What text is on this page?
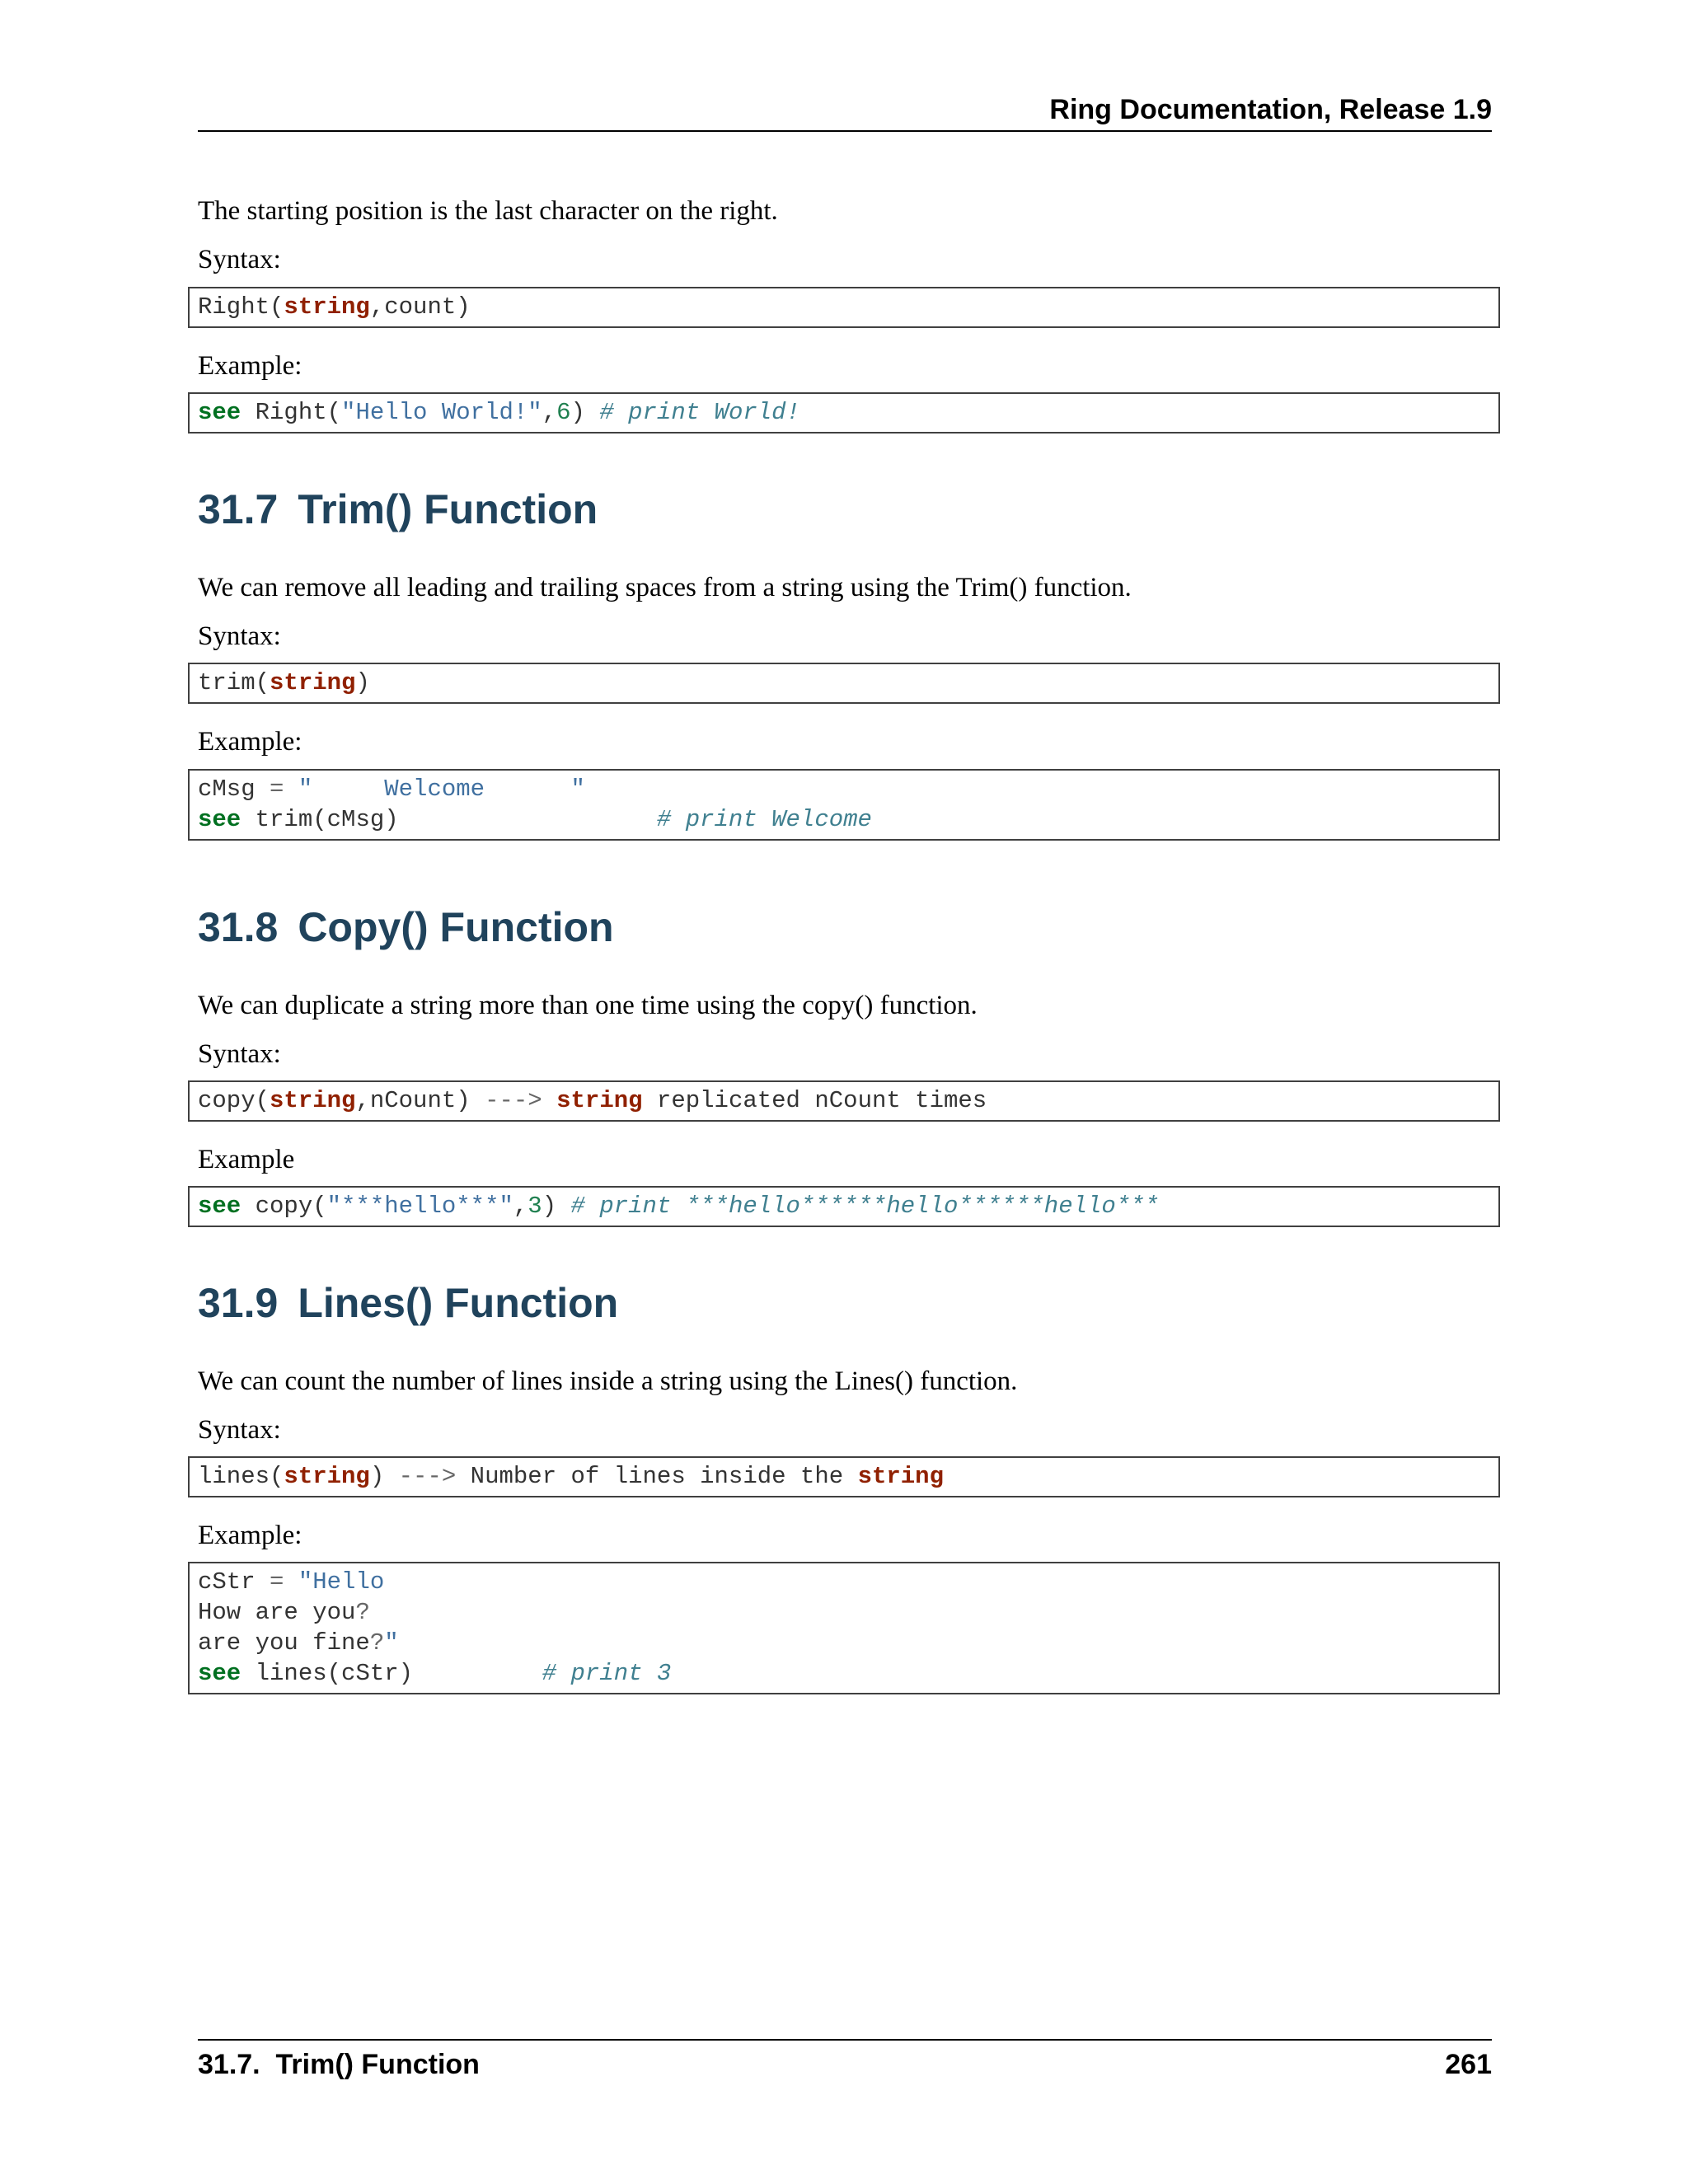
Ring Documentation, Release 1.9

The starting position is the last character on the right.

Syntax:

Right(string,count)

Example:

see Right("Hello World!",6) # print World!
31.7 Trim() Function

We can remove all leading and trailing spaces from a string using the Trim() function.

Syntax:

trim(string)

Example:

cMsg = "     Welcome      "
see trim(cMsg)                  # print Welcome
31.8 Copy() Function

We can duplicate a string more than one time using the copy() function.

Syntax:

copy(string,nCount) ---> string replicated nCount times

Example

see copy("***hello***",3) # print ***hello******hello******hello***
31.9 Lines() Function

We can count the number of lines inside a string using the Lines() function.

Syntax:

lines(string) ---> Number of lines inside the string

Example:

cStr = "Hello
How are you?
are you fine?"
see lines(cStr)         # print 3
31.7.  Trim() Function	261
